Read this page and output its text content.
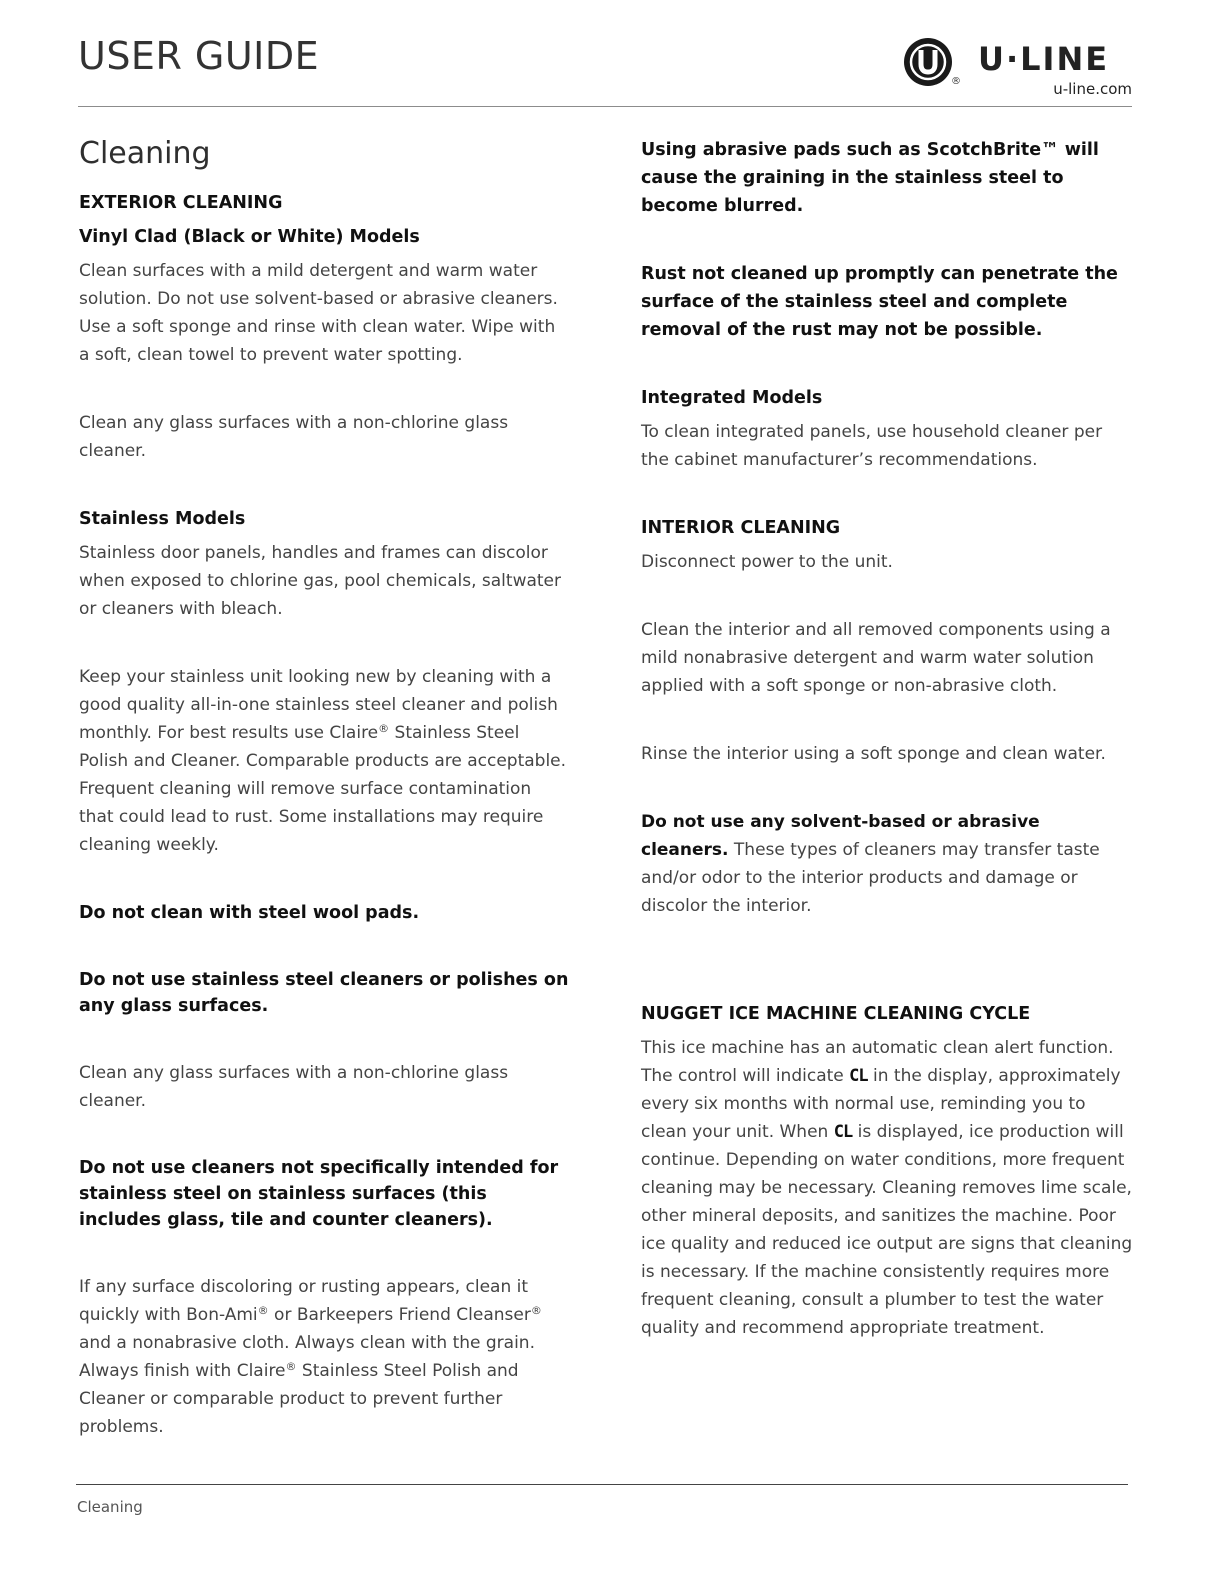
USER GUIDE
®
U·LINE
u-line.com
Cleaning
EXTERIOR CLEANING
Vinyl Clad (Black or White) Models

Clean surfaces with a mild detergent and warm water solution. Do not use solvent-based or abrasive cleaners. Use a soft sponge and rinse with clean water. Wipe with a soft, clean towel to prevent water spotting.

Clean any glass surfaces with a non-chlorine glass cleaner.

Stainless Models

Stainless door panels, handles and frames can discolor when exposed to chlorine gas, pool chemicals, saltwater or cleaners with bleach.

Keep your stainless unit looking new by cleaning with a good quality all-in-one stainless steel cleaner and polish monthly. For best results use Claire® Stainless Steel Polish and Cleaner. Comparable products are acceptable. Frequent cleaning will remove surface contamination that could lead to rust. Some installations may require cleaning weekly.

Do not clean with steel wool pads.

Do not use stainless steel cleaners or polishes on any glass surfaces.

Clean any glass surfaces with a non-chlorine glass cleaner.

Do not use cleaners not specifically intended for stainless steel on stainless surfaces (this includes glass, tile and counter cleaners).

If any surface discoloring or rusting appears, clean it quickly with Bon-Ami® or Barkeepers Friend Cleanser® and a nonabrasive cloth. Always clean with the grain. Always finish with Claire® Stainless Steel Polish and Cleaner or comparable product to prevent further problems.

Using abrasive pads such as ScotchBrite™ will cause the graining in the stainless steel to become blurred.

Rust not cleaned up promptly can penetrate the surface of the stainless steel and complete removal of the rust may not be possible.

Integrated Models

To clean integrated panels, use household cleaner per the cabinet manufacturer’s recommendations.

INTERIOR CLEANING

Disconnect power to the unit.

Clean the interior and all removed components using a mild nonabrasive detergent and warm water solution applied with a soft sponge or non-abrasive cloth.

Rinse the interior using a soft sponge and clean water.

Do not use any solvent-based or abrasive cleaners. These types of cleaners may transfer taste and/or odor to the interior products and damage or discolor the interior.

NUGGET ICE MACHINE CLEANING CYCLE

This ice machine has an automatic clean alert function. The control will indicate CL in the display, approximately every six months with normal use, reminding you to clean your unit. When CL is displayed, ice production will continue. Depending on water conditions, more frequent cleaning may be necessary. Cleaning removes lime scale, other mineral deposits, and sanitizes the machine. Poor ice quality and reduced ice output are signs that cleaning is necessary. If the machine consistently requires more frequent cleaning, consult a plumber to test the water quality and recommend appropriate treatment.

Cleaning
